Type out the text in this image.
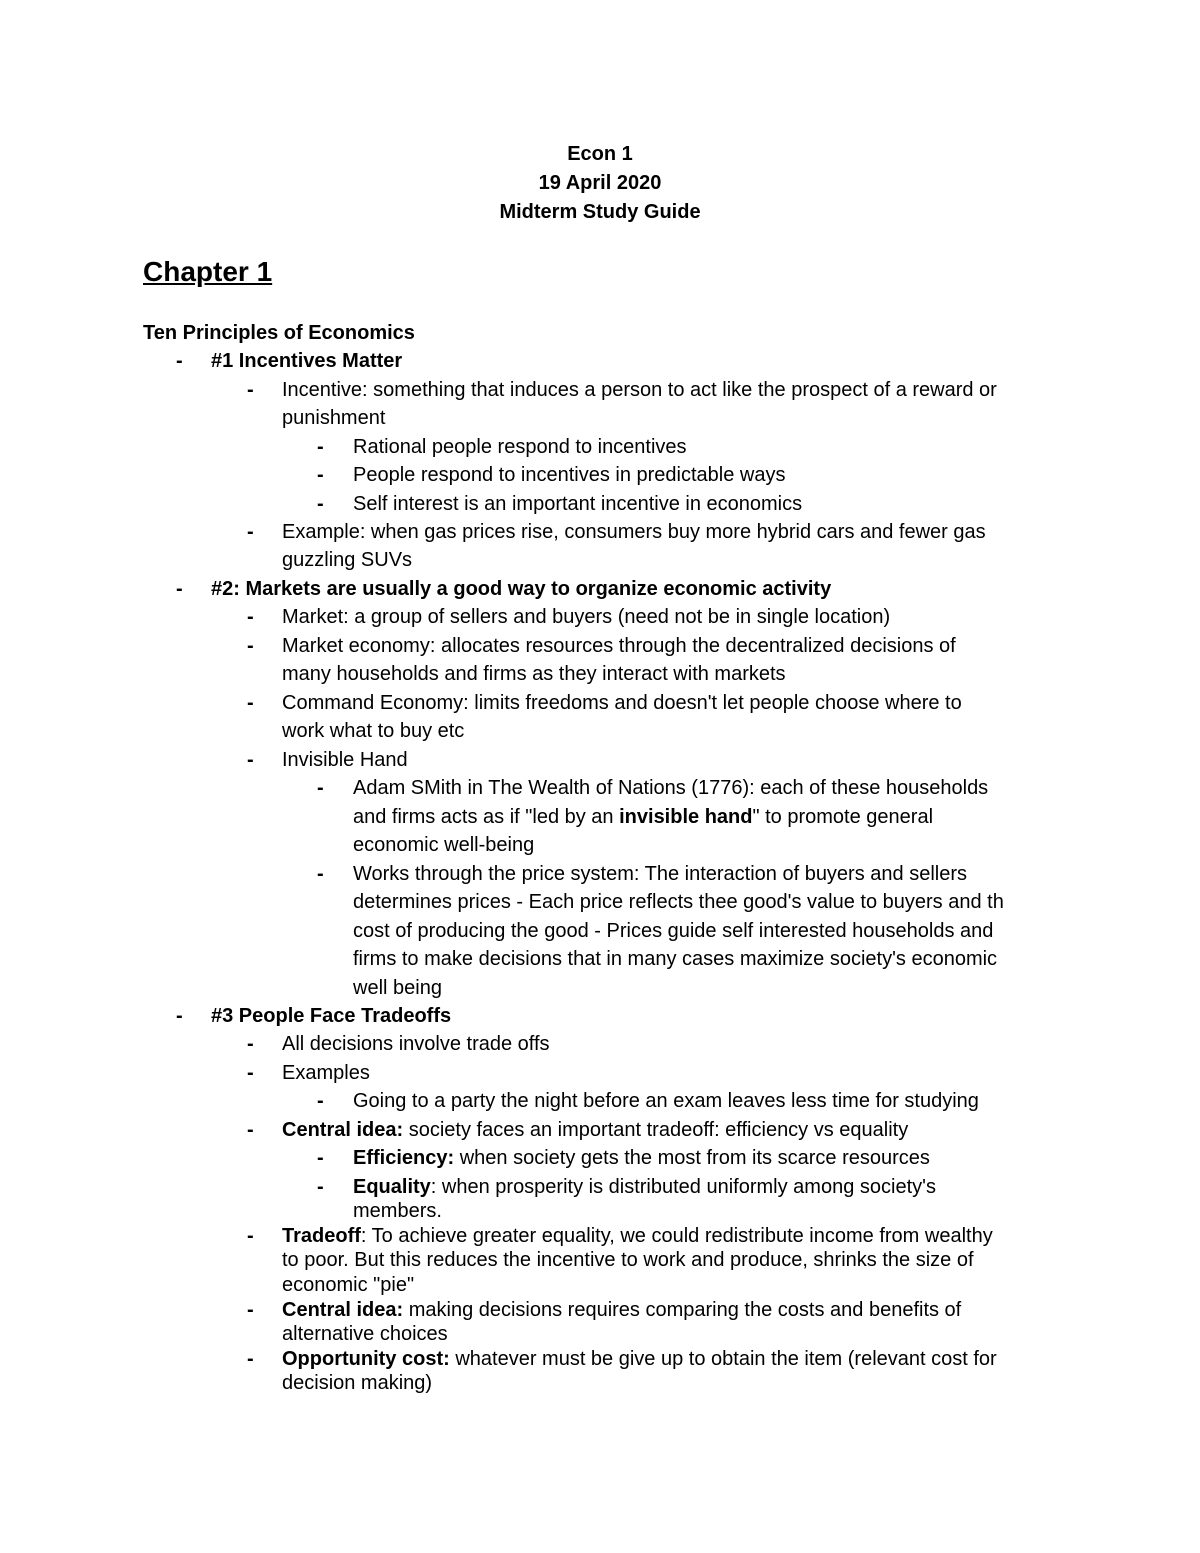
Econ 1
19 April 2020
Midterm Study Guide
Chapter 1
Ten Principles of Economics
- #1 Incentives Matter
- Incentive: something that induces a person to act like the prospect of a reward or
punishment
- Rational people respond to incentives
- People respond to incentives in predictable ways
- Self interest is an important incentive in economics
- Example: when gas prices rise, consumers buy more hybrid cars and fewer gas
guzzling SUVs
- #2: Markets are usually a good way to organize economic activity
- Market: a group of sellers and buyers (need not be in single location)
- Market economy: allocates resources through the decentralized decisions of
many households and firms as they interact with markets
- Command Economy: limits freedoms and doesn't let people choose where to
work what to buy etc
- Invisible Hand
- Adam SMith in The Wealth of Nations (1776): each of these households
and firms acts as if "led by an invisible hand" to promote general
economic well-being
- Works through the price system: The interaction of buyers and sellers
determines prices - Each price reflects thee good's value to buyers and th
cost of producing the good - Prices guide self interested households and
firms to make decisions that in many cases maximize society's economic
well being
- #3 People Face Tradeoffs
- All decisions involve trade offs
- Examples
- Going to a party the night before an exam leaves less time for studying
- Central idea: society faces an important tradeoff: efficiency vs equality
- Efficiency: when society gets the most from its scarce resources
- Equality: when prosperity is distributed uniformly among society's
members.
- Tradeoff: To achieve greater equality, we could redistribute income from wealthy
to poor. But this reduces the incentive to work and produce, shrinks the size of
economic "pie"
- Central idea: making decisions requires comparing the costs and benefits of
alternative choices
- Opportunity cost: whatever must be give up to obtain the item (relevant cost for
decision making)
